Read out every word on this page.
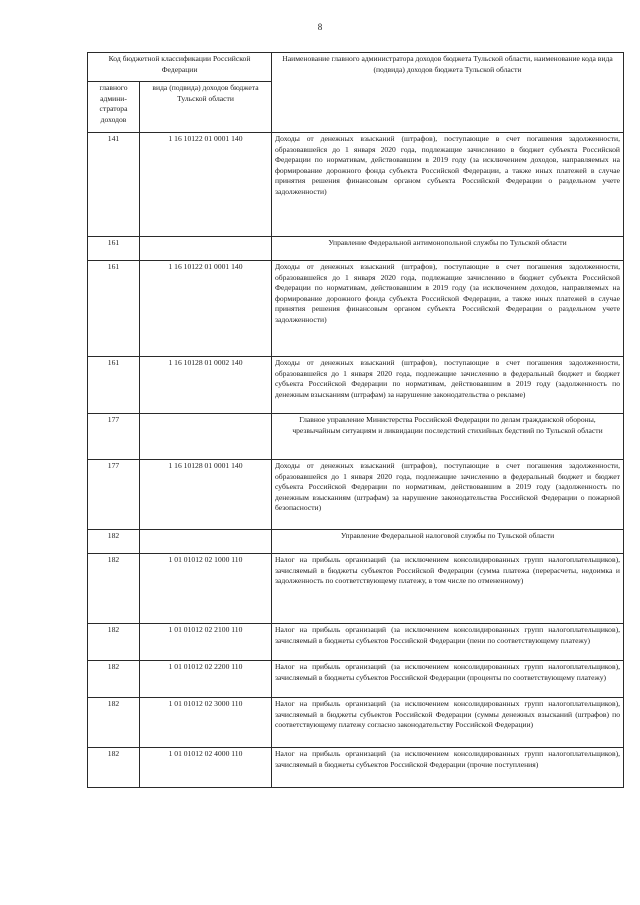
8
Код бюджетной классификации Российской Федерации		Наименование главного администратора доходов бюджета Тульской области, наименование кода вида (подвида) доходов бюджета Тульской области
главного админи-стратора доходов	вида (подвида) доходов бюджета Тульской области	
141	1 16 10122 01 0001 140	Доходы от денежных взысканий (штрафов), поступающие в счет погашения задолженности, образовавшейся до 1 января 2020 года, подлежащие зачислению в бюджет субъекта Российской Федерации по нормативам, действовавшим в 2019 году (за исключением доходов, направляемых на формирование дорожного фонда субъекта Российской Федерации, а также иных платежей в случае принятия решения финансовым органом субъекта Российской Федерации о раздельном учете задолженности)
161		Управление Федеральной антимонопольной службы по Тульской области
161	1 16 10122 01 0001 140	Доходы от денежных взысканий (штрафов), поступающие в счет погашения задолженности, образовавшейся до 1 января 2020 года, подлежащие зачислению в бюджет субъекта Российской Федерации по нормативам, действовавшим в 2019 году (за исключением доходов, направляемых на формирование дорожного фонда субъекта Российской Федерации, а также иных платежей в случае принятия решения финансовым органом субъекта Российской Федерации о раздельном учете задолженности)
161	1 16 10128 01 0002 140	Доходы от денежных взысканий (штрафов), поступающие в счет погашения задолженности, образовавшейся до 1 января 2020 года, подлежащие зачислению в федеральный бюджет и бюджет субъекта Российской Федерации по нормативам, действовавшим в 2019 году (задолженность по денежным взысканиям (штрафам) за нарушение законодательства о рекламе)
177		Главное управление Министерства Российской Федерации по делам гражданской обороны, чрезвычайным ситуациям и ликвидации последствий стихийных бедствий по Тульской области
177	1 16 10128 01 0001 140	Доходы от денежных взысканий (штрафов), поступающие в счет погашения задолженности, образовавшейся до 1 января 2020 года, подлежащие зачислению в федеральный бюджет и бюджет субъекта Российской Федерации по нормативам, действовавшим в 2019 году (задолженность по денежным взысканиям (штрафам) за нарушение законодательства Российской Федерации о пожарной безопасности)
182		Управление Федеральной налоговой службы по Тульской области
182	1 01 01012 02 1000 110	Налог на прибыль организаций (за исключением консолидированных групп налогоплательщиков), зачисляемый в бюджеты субъектов Российской Федерации (сумма платежа (перерасчеты, недоимка и задолженность по соответствующему платежу, в том числе по отмененному)
182	1 01 01012 02 2100 110	Налог на прибыль организаций (за исключением консолидированных групп налогоплательщиков), зачисляемый в бюджеты субъектов Российской Федерации (пени по соответствующему платежу)
182	1 01 01012 02 2200 110	Налог на прибыль организаций (за исключением консолидированных групп налогоплательщиков), зачисляемый в бюджеты субъектов Российской Федерации (проценты по соответствующему платежу)
182	1 01 01012 02 3000 110	Налог на прибыль организаций (за исключением консолидированных групп налогоплательщиков), зачисляемый в бюджеты субъектов Российской Федерации (суммы денежных взысканий (штрафов) по соответствующему платежу согласно законодательству Российской Федерации)
182	1 01 01012 02 4000 110	Налог на прибыль организаций (за исключением консолидированных групп налогоплательщиков), зачисляемый в бюджеты субъектов Российской Федерации (прочие поступления)
